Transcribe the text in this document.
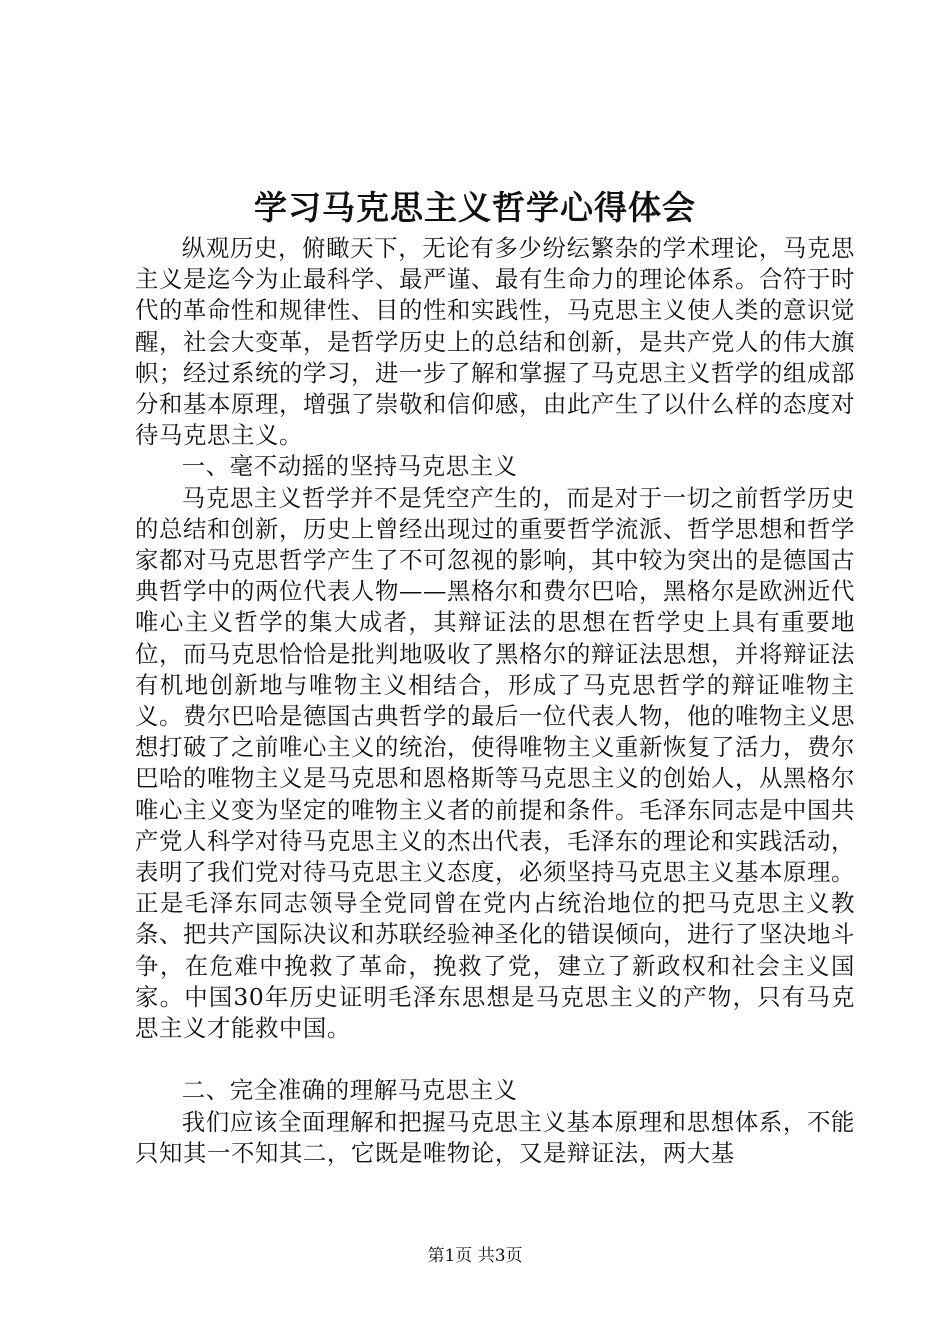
学习马克思主义哲学心得体会

纵观历史，俯瞰天下，无论有多少纷纭繁杂的学术理论，马克思主义是迄今为止最科学、最严谨、最有生命力的理论体系。合符于时代的革命性和规律性、目的性和实践性，马克思主义使人类的意识觉醒，社会大变革，是哲学历史上的总结和创新，是共产党人的伟大旗帜；经过系统的学习，进一步了解和掌握了马克思主义哲学的组成部分和基本原理，增强了崇敬和信仰感，由此产生了以什么样的态度对待马克思主义。

一、毫不动摇的坚持马克思主义

马克思主义哲学并不是凭空产生的，而是对于一切之前哲学历史的总结和创新，历史上曾经出现过的重要哲学流派、哲学思想和哲学家都对马克思哲学产生了不可忽视的影响，其中较为突出的是德国古典哲学中的两位代表人物——黑格尔和费尔巴哈，黑格尔是欧洲近代唯心主义哲学的集大成者，其辩证法的思想在哲学史上具有重要地位，而马克思恰恰是批判地吸收了黑格尔的辩证法思想，并将辩证法有机地创新地与唯物主义相结合，形成了马克思哲学的辩证唯物主义。费尔巴哈是德国古典哲学的最后一位代表人物，他的唯物主义思想打破了之前唯心主义的统治，使得唯物主义重新恢复了活力，费尔巴哈的唯物主义是马克思和恩格斯等马克思主义的创始人，从黑格尔唯心主义变为坚定的唯物主义者的前提和条件。毛泽东同志是中国共产党人科学对待马克思主义的杰出代表，毛泽东的理论和实践活动，表明了我们党对待马克思主义态度，必须坚持马克思主义基本原理。正是毛泽东同志领导全党同曾在党内占统治地位的把马克思主义教条、把共产国际决议和苏联经验神圣化的错误倾向，进行了坚决地斗争，在危难中挽救了革命，挽救了党，建立了新政权和社会主义国家。中国30年历史证明毛泽东思想是马克思主义的产物，只有马克思主义才能救中国。

二、完全准确的理解马克思主义

我们应该全面理解和把握马克思主义基本原理和思想体系，不能只知其一不知其二，它既是唯物论，又是辩证法，两大基

第1页 共3页
